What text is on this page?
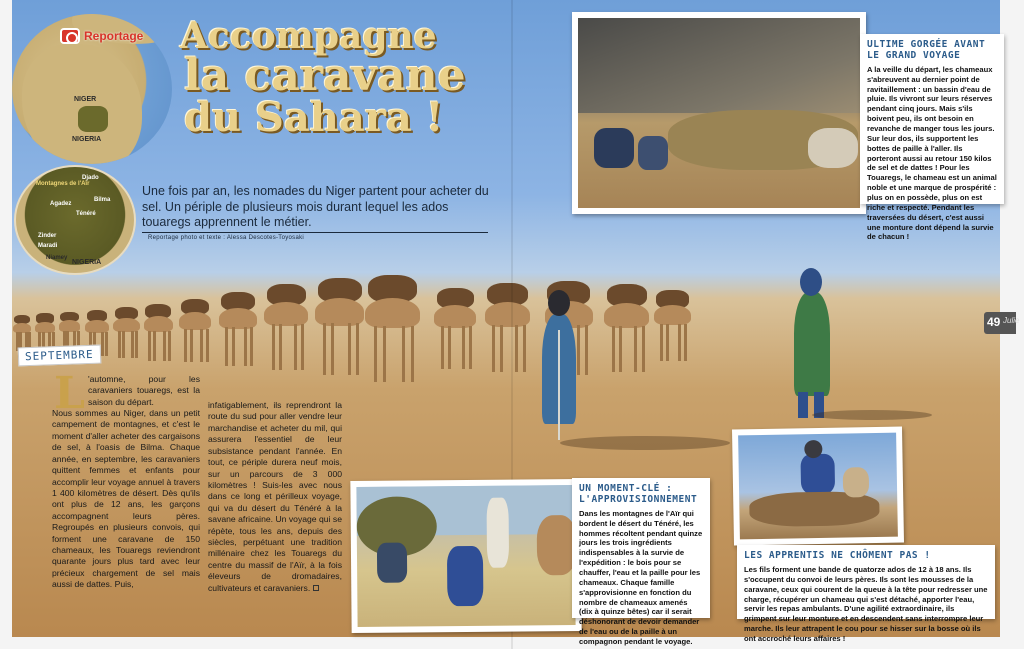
NIGER
NIGERIA
Montagnes de l'Aïr
Djado
Agadez
Bilma
Ténéré
Zinder
Maradi
Niamey
NIGERIA
Reportage Accompagne
la caravane
du Sahara !

Une fois par an, les nomades du Niger partent pour acheter du sel. Un périple de plusieurs mois durant lequel les ados touaregs apprennent le métier.

Reportage photo et texte : Alessa Descotes-Toyosaki

ULTIME GORGÉE AVANT LE GRAND VOYAGE
A la veille du départ, les chameaux s'abreuvent au dernier point de ravitaillement : un bassin d'eau de pluie. Ils vivront sur leurs réserves pendant cinq jours. Mais s'ils boivent peu, ils ont besoin en revanche de manger tous les jours. Sur leur dos, ils supportent les bottes de paille à l'aller. Ils porteront aussi au retour 150 kilos de sel et de dattes ! Pour les Touaregs, le chameau est un animal noble et une marque de prospérité : plus on en possède, plus on est riche et respecté. Pendant les traversées du désert, c'est aussi une monture dont dépend la survie de chacun !
49 Julie
SEPTEMBRE
L 'automne, pour les caravaniers touaregs, est la saison du départ.

Nous sommes au Niger, dans un petit campement de montagnes, et c'est le moment d'aller acheter des cargaisons de sel, à l'oasis de Bilma. Chaque année, en septembre, les caravaniers quittent femmes et enfants pour accomplir leur voyage annuel à travers 1 400 kilomètres de désert. Dès qu'ils ont plus de 12 ans, les garçons accompagnent leurs pères. Regroupés en plusieurs convois, qui forment une caravane de 150 chameaux, les Touaregs reviendront quarante jours plus tard avec leur précieux chargement de sel mais aussi de dattes. Puis,

infatigablement, ils reprendront la route du sud pour aller vendre leur marchandise et acheter du mil, qui assurera l'essentiel de leur subsistance pendant l'année. En tout, ce périple durera neuf mois, sur un parcours de 3 000 kilomètres ! Suis-les avec nous dans ce long et périlleux voyage, qui va du désert du Ténéré à la savane africaine. Un voyage qui se répète, tous les ans, depuis des siècles, perpétuant une tradition millénaire chez les Touaregs du centre du massif de l'Aïr, à la fois éleveurs de dromadaires, cultivateurs et caravaniers.

UN MOMENT-CLÉ : L'APPROVISIONNEMENT
Dans les montagnes de l'Aïr qui bordent le désert du Ténéré, les hommes récoltent pendant quinze jours les trois ingrédients indispensables à la survie de l'expédition : le bois pour se chauffer, l'eau et la paille pour les chameaux. Chaque famille s'approvisionne en fonction du nombre de chameaux amenés (dix à quinze bêtes) car il serait déshonorant de devoir demander de l'eau ou de la paille à un compagnon pendant le voyage.
LES APPRENTIS NE CHÔMENT PAS !
Les fils forment une bande de quatorze ados de 12 à 18 ans. Ils s'occupent du convoi de leurs pères. Ils sont les mousses de la caravane, ceux qui courent de la queue à la tête pour redresser une charge, récupérer un chameau qui s'est détaché, apporter l'eau, servir les repas ambulants. D'une agilité extraordinaire, ils grimpent sur leur monture et en descendent sans interrompre leur marche. Ils leur attrapent le cou pour se hisser sur la bosse où ils ont accroché leurs affaires !
